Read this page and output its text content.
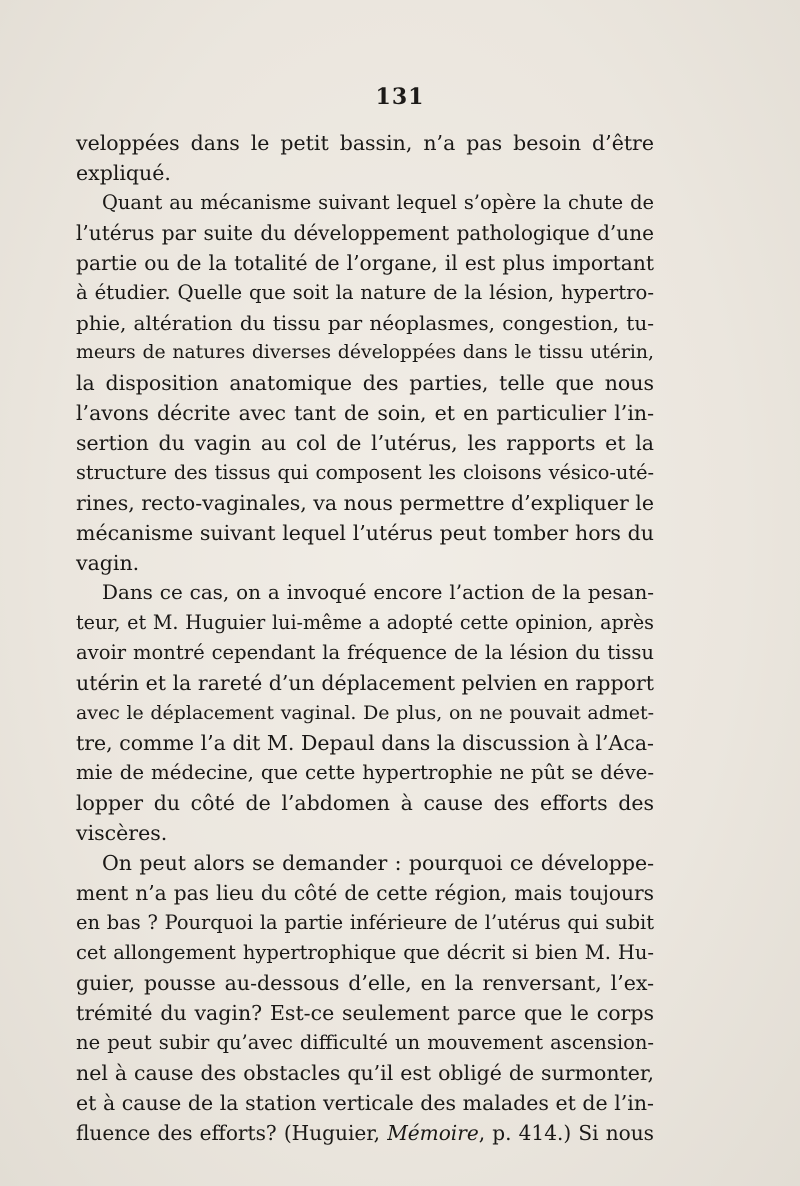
131
veloppées dans le petit bassin, n’a pas besoin d’être
expliqué.
Quant au mécanisme suivant lequel s’opère la chute de
l’utérus par suite du développement pathologique d’une
partie ou de la totalité de l’organe, il est plus important
à étudier. Quelle que soit la nature de la lésion, hypertro-
phie, altération du tissu par néoplasmes, congestion, tu-
meurs de natures diverses développées dans le tissu utérin,
la disposition anatomique des parties, telle que nous
l’avons décrite avec tant de soin, et en particulier l’in-
sertion du vagin au col de l’utérus, les rapports et la
structure des tissus qui composent les cloisons vésico-uté-
rines, recto-vaginales, va nous permettre d’expliquer le
mécanisme suivant lequel l’utérus peut tomber hors du
vagin.
Dans ce cas, on a invoqué encore l’action de la pesan-
teur, et M. Huguier lui-même a adopté cette opinion, après
avoir montré cependant la fréquence de la lésion du tissu
utérin et la rareté d’un déplacement pelvien en rapport
avec le déplacement vaginal. De plus, on ne pouvait admet-
tre, comme l’a dit M. Depaul dans la discussion à l’Aca-
mie de médecine, que cette hypertrophie ne pût se déve-
lopper du côté de l’abdomen à cause des efforts des
viscères.
On peut alors se demander : pourquoi ce développe-
ment n’a pas lieu du côté de cette région, mais toujours
en bas ? Pourquoi la partie inférieure de l’utérus qui subit
cet allongement hypertrophique que décrit si bien M. Hu-
guier, pousse au-dessous d’elle, en la renversant, l’ex-
trémité du vagin? Est-ce seulement parce que le corps
ne peut subir qu’avec difficulté un mouvement ascension-
nel à cause des obstacles qu’il est obligé de surmonter,
et à cause de la station verticale des malades et de l’in-
fluence des efforts? (Huguier, Mémoire, p. 414.) Si nous
